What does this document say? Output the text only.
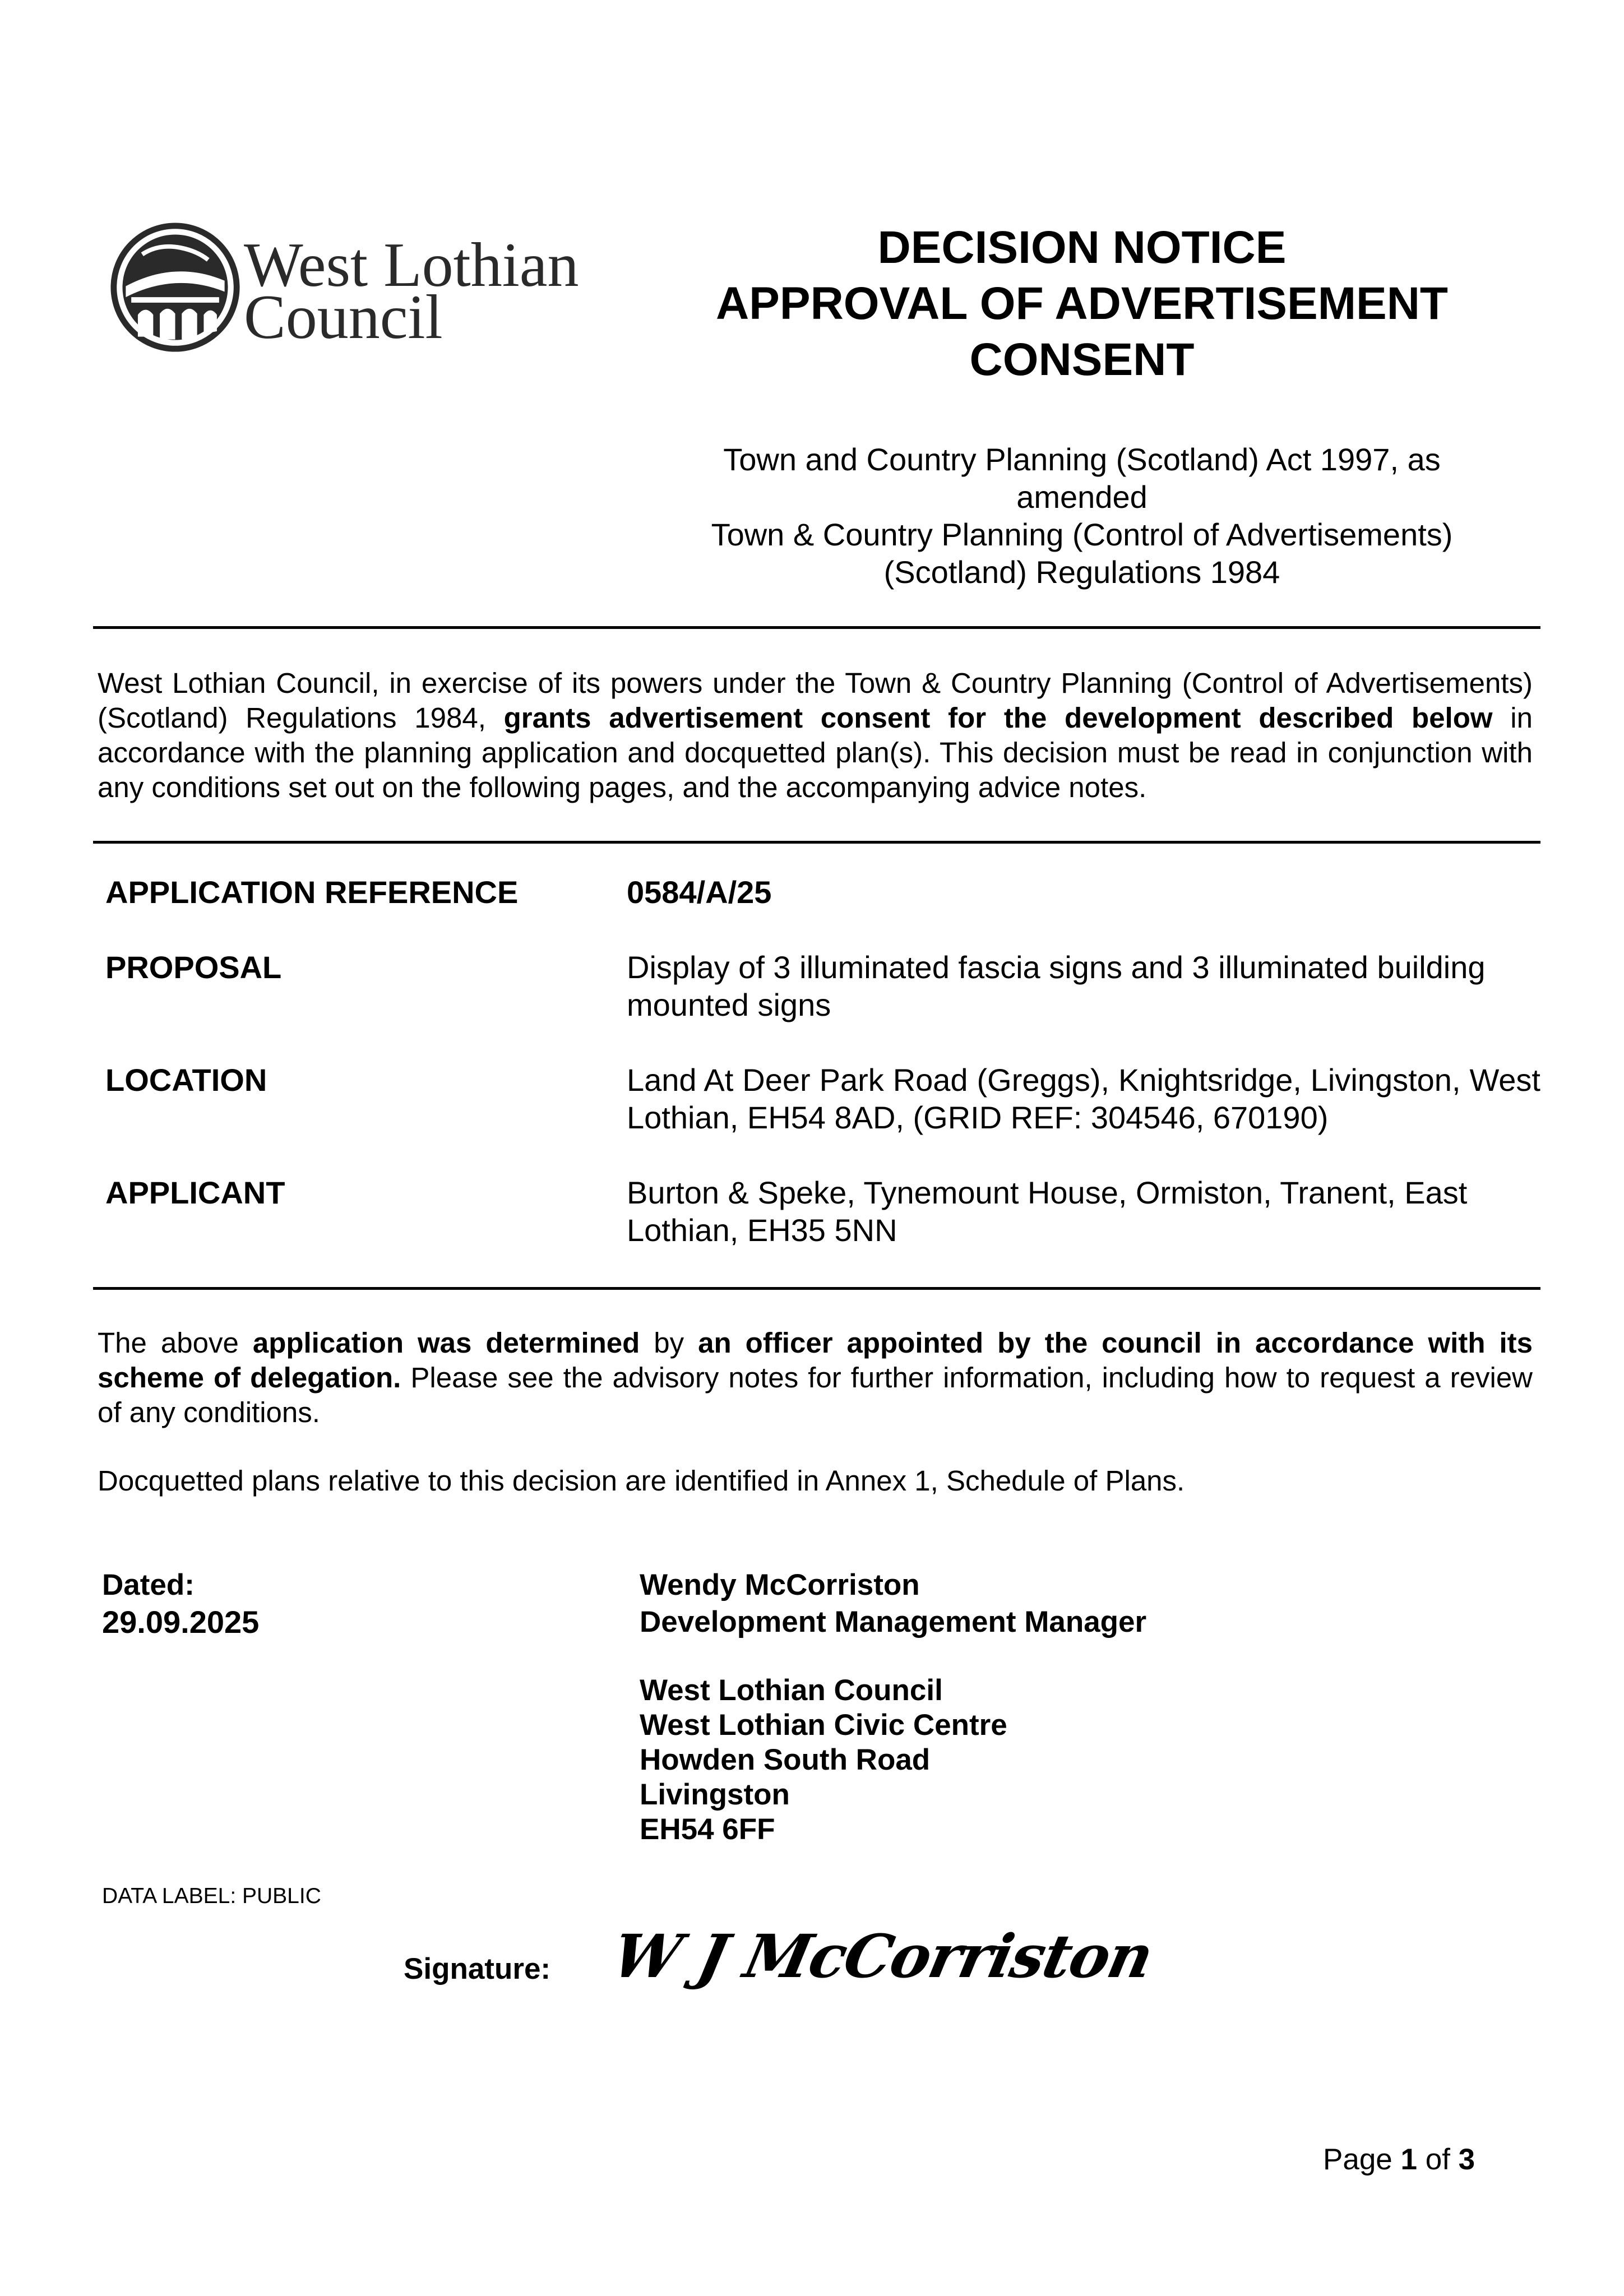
West Lothian
Council
DECISION NOTICE
APPROVAL OF ADVERTISEMENT
CONSENT
Town and Country Planning (Scotland) Act 1997, as
amended
Town & Country Planning (Control of Advertisements)
(Scotland) Regulations 1984
West Lothian Council, in exercise of its powers under the Town & Country Planning (Control of Advertisements) (Scotland) Regulations 1984, grants advertisement consent for the development described below in accordance with the planning application and docquetted plan(s). This decision must be read in conjunction with any conditions set out on the following pages, and the accompanying advice notes.
APPLICATION REFERENCE	0584/A/25
PROPOSAL	Display of 3 illuminated fascia signs and 3 illuminated building mounted signs
LOCATION	Land At Deer Park Road (Greggs), Knightsridge, Livingston, West Lothian, EH54 8AD, (GRID REF: 304546, 670190)
APPLICANT	Burton & Speke, Tynemount House, Ormiston, Tranent, East Lothian, EH35 5NN
The above application was determined by an officer appointed by the council in accordance with its scheme of delegation. Please see the advisory notes for further information, including how to request a review of any conditions.
Docquetted plans relative to this decision are identified in Annex 1, Schedule of Plans.
Dated:
29.09.2025
Wendy McCorriston
Development Management Manager
West Lothian Council
West Lothian Civic Centre
Howden South Road
Livingston
EH54 6FF
DATA LABEL: PUBLIC
Signature: W J McCorriston
Page 1 of 3
